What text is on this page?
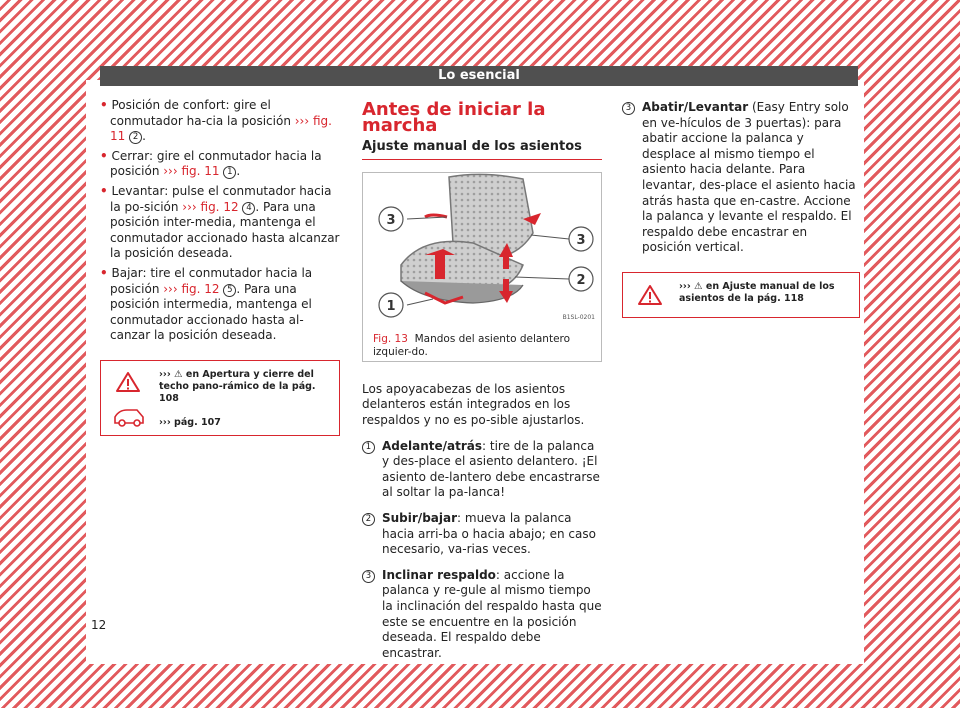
Lo esencial
• Posición de confort: gire el conmutador ha-cia la posición ››› fig. 11 2 .
• Cerrar: gire el conmutador hacia la posición ››› fig. 11 1 .
• Levantar: pulse el conmutador hacia la po-sición ››› fig. 12 4 . Para una posición inter-media, mantenga el conmutador accionado hasta alcanzar la posición deseada.
• Bajar: tire el conmutador hacia la posición ››› fig. 12 5 . Para una posición intermedia, mantenga el conmutador accionado hasta al-canzar la posición deseada.
››› ⚠ en Apertura y cierre del techo pano-rámico de la pág. 108
››› pág. 107
Antes de iniciar la marcha
Ajuste manual de los asientos
3
3
2
1
B1SL-0201
Fig. 13 Mandos del asiento delantero izquier-do.
Los apoyacabezas de los asientos delanteros están integrados en los respaldos y no es po-sible ajustarlos.
1 Adelante/atrás: tire de la palanca y des-place el asiento delantero. ¡El asiento de-lantero debe encastrarse al soltar la pa-lanca!
2 Subir/bajar: mueva la palanca hacia arri-ba o hacia abajo; en caso necesario, va-rias veces.
3 Inclinar respaldo: accione la palanca y re-gule al mismo tiempo la inclinación del respaldo hasta que este se encuentre en la posición deseada. El respaldo debe encastrar.
3 Abatir/Levantar (Easy Entry solo en ve-hículos de 3 puertas): para abatir accione la palanca y desplace al mismo tiempo el asiento hacia delante. Para levantar, des-place el asiento hacia atrás hasta que en-castre. Accione la palanca y levante el respaldo. El respaldo debe encastrar en posición vertical.
››› ⚠ en Ajuste manual de los asientos de la pág. 118
12
